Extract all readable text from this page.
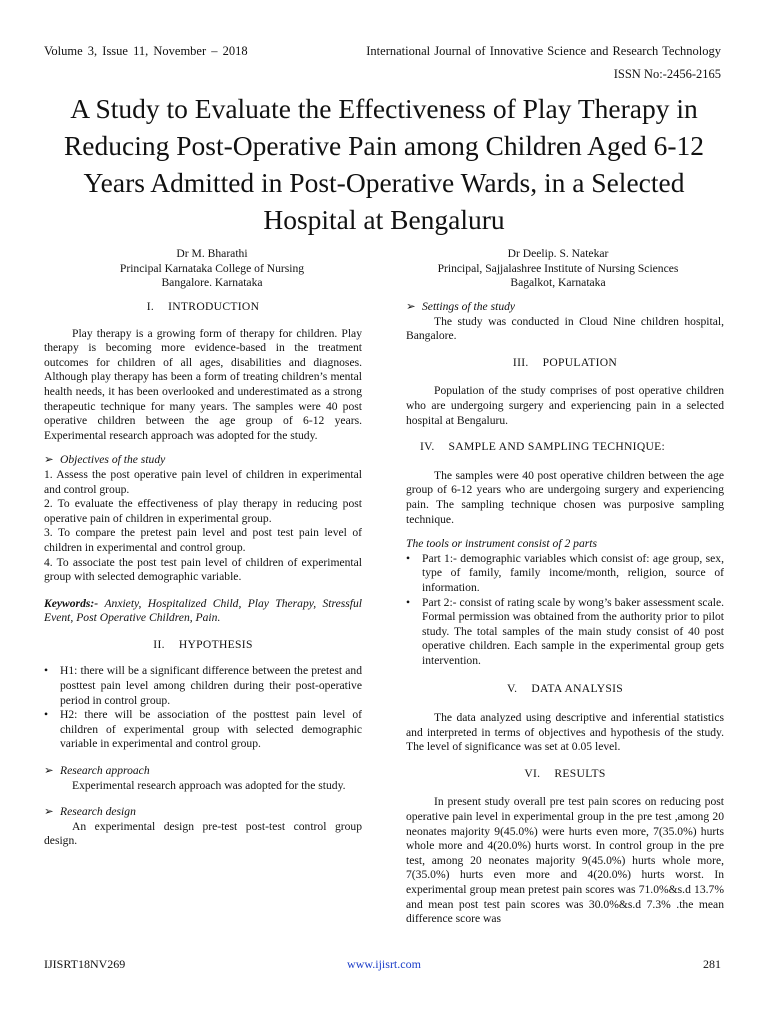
Volume 3, Issue 11, November – 2018	International Journal of Innovative Science and Research Technology
ISSN No:-2456-2165
A Study to Evaluate the Effectiveness of Play Therapy in Reducing Post-Operative Pain among Children Aged 6-12 Years Admitted in Post-Operative Wards, in a Selected Hospital at Bengaluru
Dr M. Bharathi
Principal Karnataka College of Nursing
Bangalore. Karnataka
Dr Deelip. S. Natekar
Principal, Sajjalashree Institute of Nursing Sciences
Bagalkot, Karnataka
I. INTRODUCTION

Play therapy is a growing form of therapy for children. Play therapy is becoming more evidence-based in the treatment outcomes for children of all ages, disabilities and diagnoses. Although play therapy has been a form of treating children’s mental health needs, it has been overlooked and underestimated as a strong therapeutic technique for many years. The samples were 40 post operative children between the age group of 6-12 years. Experimental research approach was adopted for the study.

➢ Objectives of the study

1. Assess the post operative pain level of children in experimental and control group.

2. To evaluate the effectiveness of play therapy in reducing post operative pain of children in experimental group.

3. To compare the pretest pain level and post test pain level of children in experimental and control group.

4. To associate the post test pain level of children of experimental group with selected demographic variable.

Keywords:- Anxiety, Hospitalized Child, Play Therapy, Stressful Event, Post Operative Children, Pain.

II. HYPOTHESIS
• H1: there will be a significant difference between the pretest and posttest pain level among children during their post-operative period in control group.
• H2: there will be association of the posttest pain level of children of experimental group with selected demographic variable in experimental and control group.
➢ Research approach

Experimental research approach was adopted for the study.

➢ Research design

An experimental design pre-test post-test control group design.

➢ Settings of the study

The study was conducted in Cloud Nine children hospital, Bangalore.

III. POPULATION

Population of the study comprises of post operative children who are undergoing surgery and experiencing pain in a selected hospital at Bengaluru.

IV. SAMPLE AND SAMPLING TECHNIQUE:

The samples were 40 post operative children between the age group of 6-12 years who are undergoing surgery and experiencing pain. The sampling technique chosen was purposive sampling technique.

The tools or instrument consist of 2 parts
• Part 1:- demographic variables which consist of: age group, sex, type of family, family income/month, religion, source of information.
• Part 2:- consist of rating scale by wong’s baker assessment scale. Formal permission was obtained from the authority prior to pilot study. The total samples of the main study consist of 40 post operative children. Each sample in the experimental group gets intervention.
V. DATA ANALYSIS

The data analyzed using descriptive and inferential statistics and interpreted in terms of objectives and hypothesis of the study. The level of significance was set at 0.05 level.

VI. RESULTS

In present study overall pre test pain scores on reducing post operative pain level in experimental group in the pre test ,among 20 neonates majority 9(45.0%) were hurts even more, 7(35.0%) hurts whole more and 4(20.0%) hurts worst. In control group in the pre test, among 20 neonates majority 9(45.0%) hurts whole more, 7(35.0%) hurts even more and 4(20.0%) hurts worst. In experimental group mean pretest pain scores was 71.0%&s.d 13.7% and mean post test pain scores was 30.0%&s.d 7.3% .the mean difference score was

IJISRT18NV269	www.ijisrt.com	281
